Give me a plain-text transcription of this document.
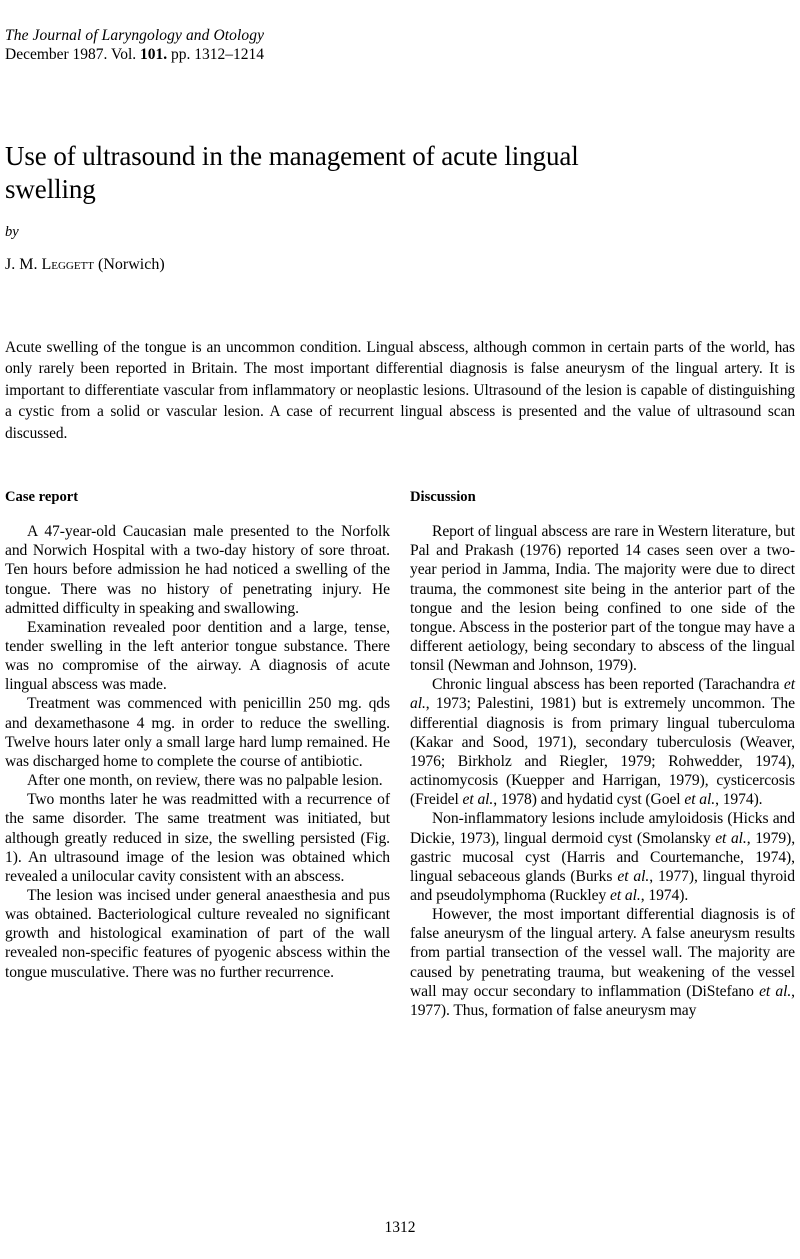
The Journal of Laryngology and Otology
December 1987. Vol. 101. pp. 1312–1214
Use of ultrasound in the management of acute lingual swelling
by
J. M. Leggett (Norwich)
Acute swelling of the tongue is an uncommon condition. Lingual abscess, although common in certain parts of the world, has only rarely been reported in Britain. The most important differential diagnosis is false aneurysm of the lingual artery. It is important to differentiate vascular from inflammatory or neoplastic lesions. Ultrasound of the lesion is capable of distinguishing a cystic from a solid or vascular lesion. A case of recurrent lingual abscess is presented and the value of ultrasound scan discussed.
Case report

A 47-year-old Caucasian male presented to the Norfolk and Norwich Hospital with a two-day history of sore throat. Ten hours before admission he had noticed a swelling of the tongue. There was no history of penetrating injury. He admitted difficulty in speaking and swallowing.

Examination revealed poor dentition and a large, tense, tender swelling in the left anterior tongue substance. There was no compromise of the airway. A diagnosis of acute lingual abscess was made.

Treatment was commenced with penicillin 250 mg. qds and dexamethasone 4 mg. in order to reduce the swelling. Twelve hours later only a small large hard lump remained. He was discharged home to complete the course of antibiotic.

After one month, on review, there was no palpable lesion.

Two months later he was readmitted with a recurrence of the same disorder. The same treatment was initiated, but although greatly reduced in size, the swelling persisted (Fig. 1). An ultrasound image of the lesion was obtained which revealed a unilocular cavity consistent with an abscess.

The lesion was incised under general anaesthesia and pus was obtained. Bacteriological culture revealed no significant growth and histological examination of part of the wall revealed non-specific features of pyogenic abscess within the tongue musculative. There was no further recurrence.

Discussion

Report of lingual abscess are rare in Western literature, but Pal and Prakash (1976) reported 14 cases seen over a two-year period in Jamma, India. The majority were due to direct trauma, the commonest site being in the anterior part of the tongue and the lesion being confined to one side of the tongue. Abscess in the posterior part of the tongue may have a different aetiology, being secondary to abscess of the lingual tonsil (Newman and Johnson, 1979).

Chronic lingual abscess has been reported (Tarachandra et al., 1973; Palestini, 1981) but is extremely uncommon. The differential diagnosis is from primary lingual tuberculoma (Kakar and Sood, 1971), secondary tuberculosis (Weaver, 1976; Birkholz and Riegler, 1979; Rohwedder, 1974), actinomycosis (Kuepper and Harrigan, 1979), cysticercosis (Freidel et al., 1978) and hydatid cyst (Goel et al., 1974).

Non-inflammatory lesions include amyloidosis (Hicks and Dickie, 1973), lingual dermoid cyst (Smolansky et al., 1979), gastric mucosal cyst (Harris and Courtemanche, 1974), lingual sebaceous glands (Burks et al., 1977), lingual thyroid and pseudolymphoma (Ruckley et al., 1974).

However, the most important differential diagnosis is of false aneurysm of the lingual artery. A false aneurysm results from partial transection of the vessel wall. The majority are caused by penetrating trauma, but weakening of the vessel wall may occur secondary to inflammation (DiStefano et al., 1977). Thus, formation of false aneurysm may

1312
